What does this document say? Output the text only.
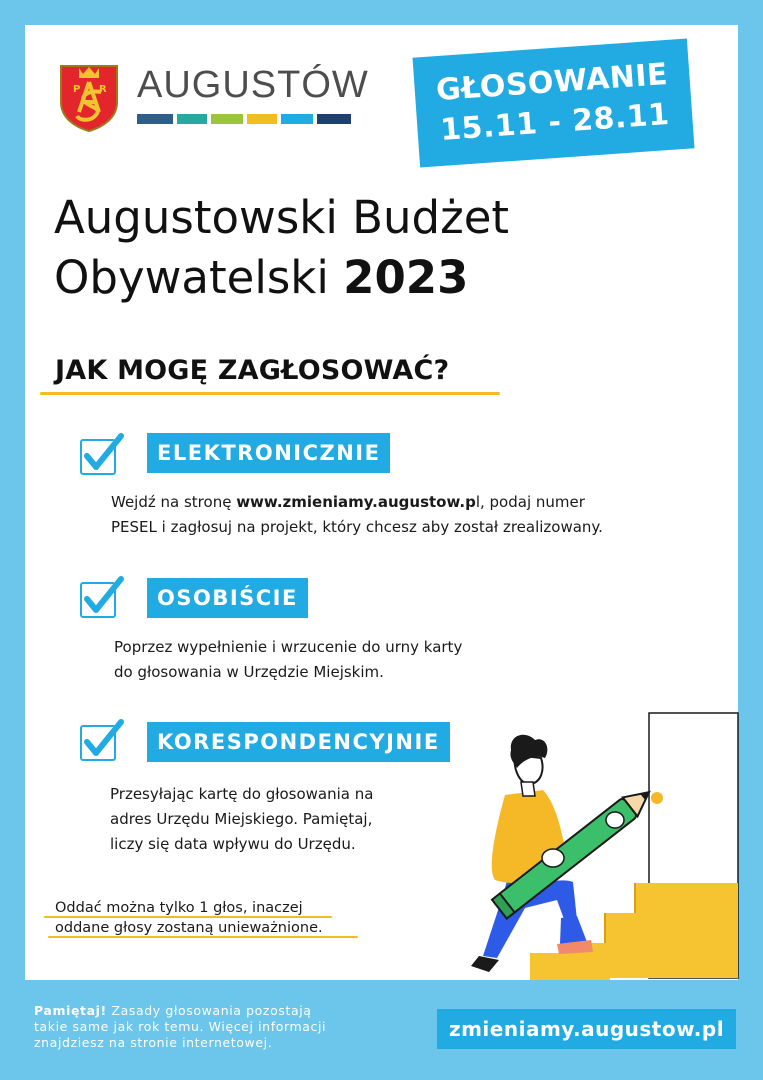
P R AUGUSTÓW GŁOSOWANIE
15.11 - 28.11
Augustowski Budżet
Obywatelski 2023
JAK MOGĘ ZAGŁOSOWAĆ?
ELEKTRONICZNIE
Wejdź na stronę www.zmieniamy.augustow.pl, podaj numer
PESEL i zagłosuj na projekt, który chcesz aby został zrealizowany.
OSOBIŚCIE
Poprzez wypełnienie i wrzucenie do urny karty
do głosowania w Urzędzie Miejskim.
KORESPONDENCYJNIE
Przesyłając kartę do głosowania na
adres Urzędu Miejskiego. Pamiętaj,
liczy się data wpływu do Urzędu.
Oddać można tylko 1 głos, inaczej
oddane głosy zostaną unieważnione.
Pamiętaj! Zasady głosowania pozostają
takie same jak rok temu. Więcej informacji
znajdziesz na stronie internetowej.
zmieniamy.augustow.pl
